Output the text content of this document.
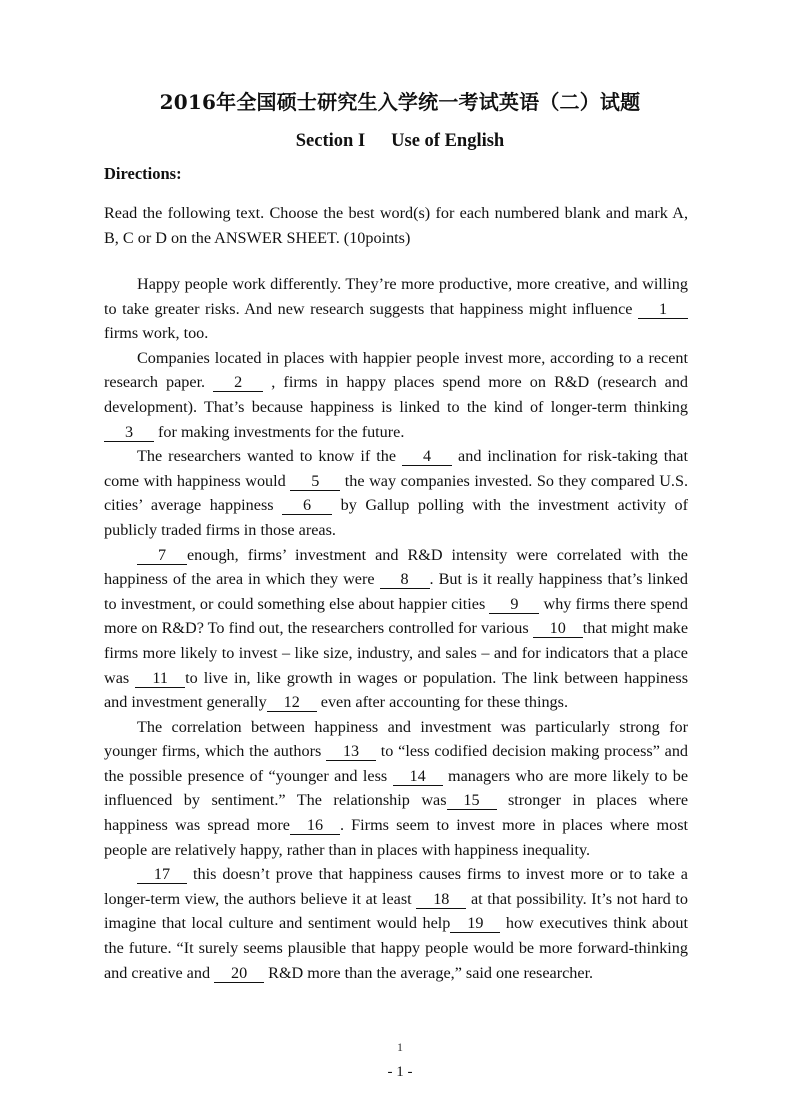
2016年全国硕士研究生入学统一考试英语（二）试题
Section I Use of English
Directions:
Read the following text. Choose the best word(s) for each numbered blank and mark A, B, C or D on the ANSWER SHEET. (10points)

Happy people work differently. They’re more productive, more creative, and willing to take greater risks. And new research suggests that happiness might influence 1 firms work, too.

Companies located in places with happier people invest more, according to a recent research paper. 2 , firms in happy places spend more on R&D (research and development). That’s because happiness is linked to the kind of longer-term thinking 3 for making investments for the future.

The researchers wanted to know if the 4 and inclination for risk-taking that come with happiness would 5 the way companies invested. So they compared U.S. cities’ average happiness 6 by Gallup polling with the investment activity of publicly traded firms in those areas.

7 enough, firms’ investment and R&D intensity were correlated with the happiness of the area in which they were 8 . But is it really happiness that’s linked to investment, or could something else about happier cities 9 why firms there spend more on R&D? To find out, the researchers controlled for various 10 that might make firms more likely to invest – like size, industry, and sales – and for indicators that a place was 11 to live in, like growth in wages or population. The link between happiness and investment generally 12 even after accounting for these things.

The correlation between happiness and investment was particularly strong for younger firms, which the authors 13 to “less codified decision making process” and the possible presence of “younger and less 14 managers who are more likely to be influenced by sentiment.” The relationship was 15 stronger in places where happiness was spread more 16 . Firms seem to invest more in places where most people are relatively happy, rather than in places with happiness inequality.

17 this doesn’t prove that happiness causes firms to invest more or to take a longer-term view, the authors believe it at least 18 at that possibility. It’s not hard to imagine that local culture and sentiment would help 19 how executives think about the future. “It surely seems plausible that happy people would be more forward-thinking and creative and 20 R&D more than the average,” said one researcher.

1
- 1 -
